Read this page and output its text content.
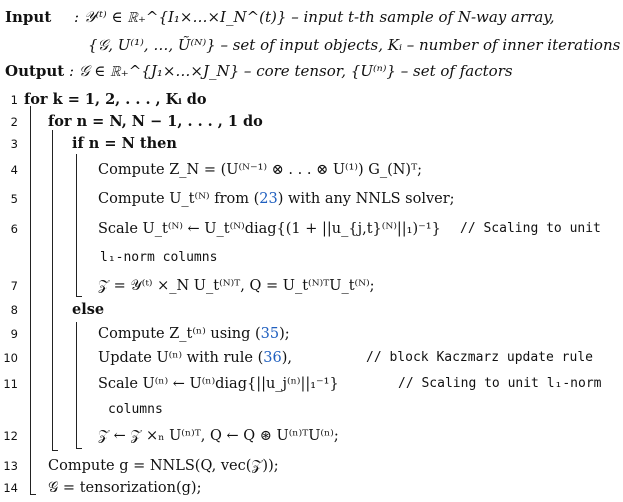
Input : 𝒴⁽ᵗ⁾ ∈ ℝ₊^{I₁×…×I_N^(t)} – input t-th sample of N-way array,
{𝒢, U⁽¹⁾, …, Ũ⁽ᴺ⁾} – set of input objects, Kᵢ – number of inner iterations
Output : 𝒢 ∈ ℝ₊^{J₁×…×J_N} – core tensor, {U⁽ⁿ⁾} – set of factors
1 for k = 1, 2, . . . , Kᵢ do
2 for n = N, N − 1, . . . , 1 do
3	if n = N then
4	Compute Z_N = (U⁽ᴺ⁻¹⁾ ⊗ . . . ⊗ U⁽¹⁾) G_(N)ᵀ;
5	Compute U_t⁽ᴺ⁾ from (23) with any NNLS solver;
6	Scale U_t⁽ᴺ⁾ ← U_t⁽ᴺ⁾diag{(1 + ||u_{j,t}⁽ᴺ⁾||₁)⁻¹} // Scaling to unit
l₁-norm columns
7	𝒵 = 𝒴⁽ᵗ⁾ ×_N U_t⁽ᴺ⁾ᵀ, Q = U_t⁽ᴺ⁾ᵀU_t⁽ᴺ⁾;
8	else
9	Compute Z_t⁽ⁿ⁾ using (35);
10	Update U⁽ⁿ⁾ with rule (36),	// block Kaczmarz update rule
11	Scale U⁽ⁿ⁾ ← U⁽ⁿ⁾diag{||u_j⁽ⁿ⁾||₁⁻¹}	// Scaling to unit l₁-norm
columns
12	𝒵 ← 𝒵 ×ₙ U⁽ⁿ⁾ᵀ, Q ← Q ⊛ U⁽ⁿ⁾ᵀU⁽ⁿ⁾;
13 Compute g = NNLS(Q, vec(𝒵));
14 𝒢 = tensorization(g);
